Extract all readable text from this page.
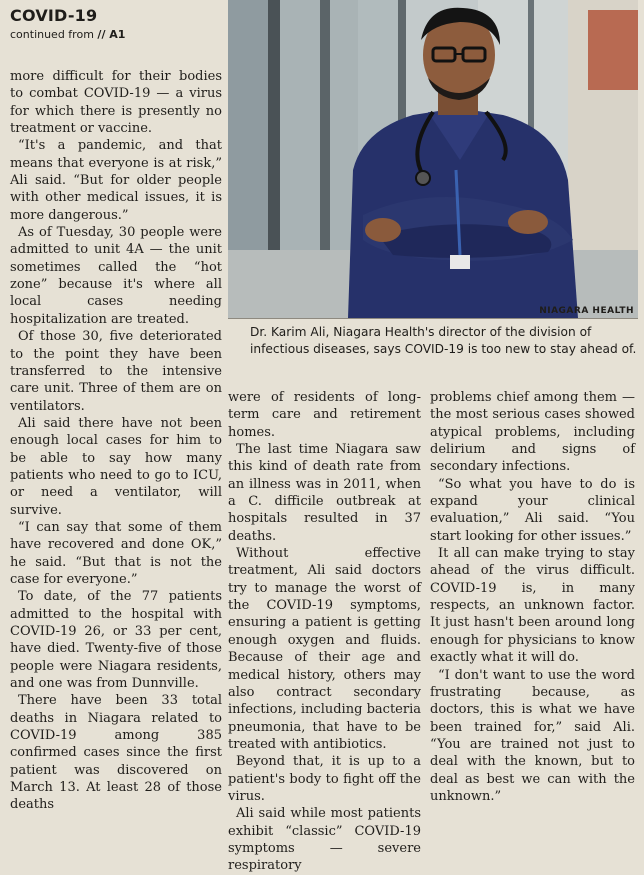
COVID-19
continued from // A1
NIAGARA HEALTH
Dr. Karim Ali, Niagara Health's director of the division of infectious diseases, says COVID-19 is too new to stay ahead of.

more difficult for their bodies to combat COVID-19 — a virus for which there is presently no treatment or vaccine.

“It's a pandemic, and that means that everyone is at risk,” Ali said. “But for older people with other medical issues, it is more dangerous.”

As of Tuesday, 30 people were admitted to unit 4A — the unit sometimes called the “hot zone” because it's where all local cases needing hospitalization are treated.

Of those 30, five deteriorated to the point they have been transferred to the intensive care unit. Three of them are on ventilators.

Ali said there have not been enough local cases for him to be able to say how many patients who need to go to ICU, or need a ventilator, will survive.

“I can say that some of them have recovered and done OK,” he said. “But that is not the case for everyone.”

To date, of the 77 patients admitted to the hospital with COVID-19 26, or 33 per cent, have died. Twenty-five of those people were Niagara residents, and one was from Dunnville.

There have been 33 total deaths in Niagara related to COVID-19 among 385 confirmed cases since the first patient was discovered on March 13. At least 28 of those deaths

were of residents of long-term care and retirement homes.

The last time Niagara saw this kind of death rate from an illness was in 2011, when a C. difficile outbreak at hospitals resulted in 37 deaths.

Without effective treatment, Ali said doctors try to manage the worst of the COVID-19 symptoms, ensuring a patient is getting enough oxygen and fluids. Because of their age and medical history, others may also contract secondary infections, including bacteria pneumonia, that have to be treated with antibiotics.

Beyond that, it is up to a patient's body to fight off the virus.

Ali said while most patients exhibit “classic” COVID-19 symptoms — severe respiratory

problems chief among them — the most serious cases showed atypical problems, including delirium and signs of secondary infections.

“So what you have to do is expand your clinical evaluation,” Ali said. “You start looking for other issues.”

It all can make trying to stay ahead of the virus difficult. COVID-19 is, in many respects, an unknown factor. It just hasn't been around long enough for physicians to know exactly what it will do.

“I don't want to use the word frustrating because, as doctors, this is what we have been trained for,” said Ali. “You are trained not just to deal with the known, but to deal as best we can with the unknown.”
